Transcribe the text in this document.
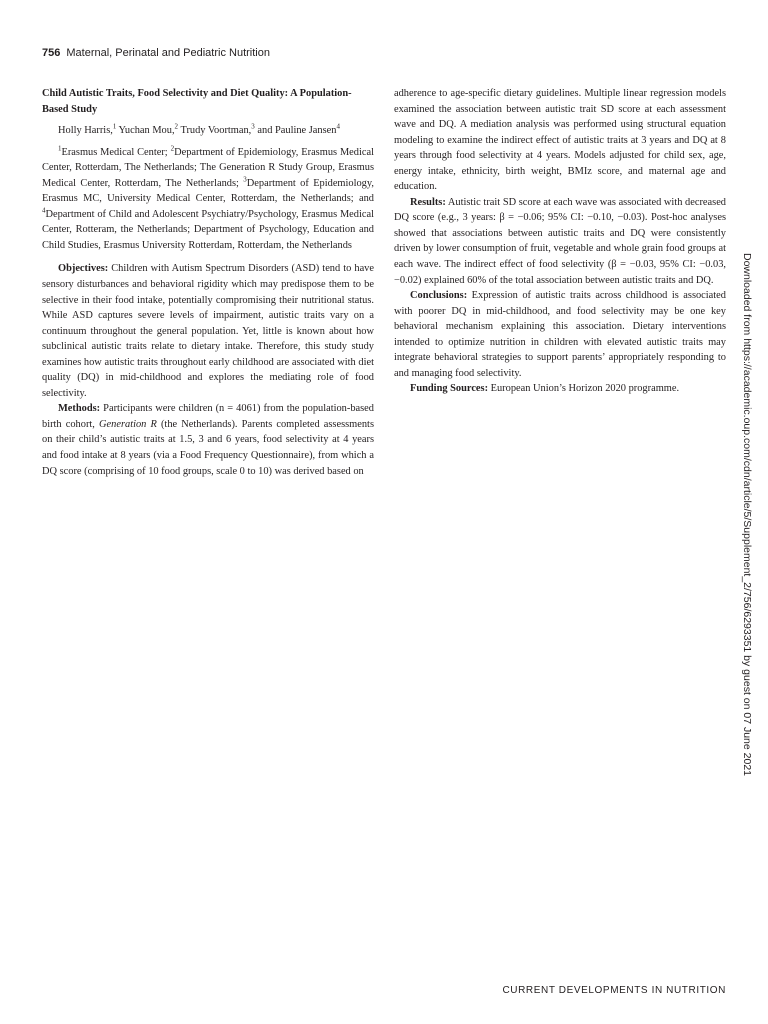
756 Maternal, Perinatal and Pediatric Nutrition

Child Autistic Traits, Food Selectivity and Diet Quality: A Population-Based Study

Holly Harris,$^1$ Yuchan Mou,$^2$ Trudy Voortman,$^3$ and Pauline Jansen$^4$

$^1$Erasmus Medical Center; $^2$Department of Epidemiology, Erasmus Medical Center, Rotterdam, The Netherlands; The Generation R Study Group, Erasmus Medical Center, Rotterdam, The Netherlands; $^3$Department of Epidemiology, Erasmus MC, University Medical Center, Rotterdam, the Netherlands; and $^4$Department of Child and Adolescent Psychiatry/Psychology, Erasmus Medical Center, Rotteram, the Netherlands; Department of Psychology, Education and Child Studies, Erasmus University Rotterdam, Rotterdam, the Netherlands

Objectives: Children with Autism Spectrum Disorders (ASD) tend to have sensory disturbances and behavioral rigidity which may predispose them to be selective in their food intake, potentially compromising their nutritional status. While ASD captures severe levels of impairment, autistic traits vary on a continuum throughout the general population. Yet, little is known about how subclinical autistic traits relate to dietary intake. Therefore, this study study examines how autistic traits throughout early childhood are associated with diet quality (DQ) in mid-childhood and explores the mediating role of food selectivity.

Methods: Participants were children (n = 4061) from the population-based birth cohort, Generation R (the Netherlands). Parents completed assessments on their child’s autistic traits at 1.5, 3 and 6 years, food selectivity at 4 years and food intake at 8 years (via a Food Frequency Questionnaire), from which a DQ score (comprising of 10 food groups, scale 0 to 10) was derived based on

adherence to age-specific dietary guidelines. Multiple linear regression models examined the association between autistic trait SD score at each assessment wave and DQ. A mediation analysis was performed using structural equation modeling to examine the indirect effect of autistic traits at 3 years and DQ at 8 years through food selectivity at 4 years. Models adjusted for child sex, age, energy intake, ethnicity, birth weight, BMIz score, and maternal age and education.

Results: Autistic trait SD score at each wave was associated with decreased DQ score (e.g., 3 years: β = −0.06; 95% CI: −0.10, −0.03). Post-hoc analyses showed that associations between autistic traits and DQ were consistently driven by lower consumption of fruit, vegetable and whole grain food groups at each wave. The indirect effect of food selectivity (β = −0.03, 95% CI: −0.03, −0.02) explained 60% of the total association between autistic traits and DQ.

Conclusions: Expression of autistic traits across childhood is associated with poorer DQ in mid-childhood, and food selectivity may be one key behavioral mechanism explaining this association. Dietary interventions intended to optimize nutrition in children with elevated autistic traits may integrate behavioral strategies to support parents’ appropriately responding to and managing food selectivity.

Funding Sources: European Union’s Horizon 2020 programme.	Downloaded from https://academic.oup.com/cdn/article/5/Supplement_2/756/6293351 by guest on 07 June 2021
CURRENT DEVELOPMENTS IN NUTRITION
